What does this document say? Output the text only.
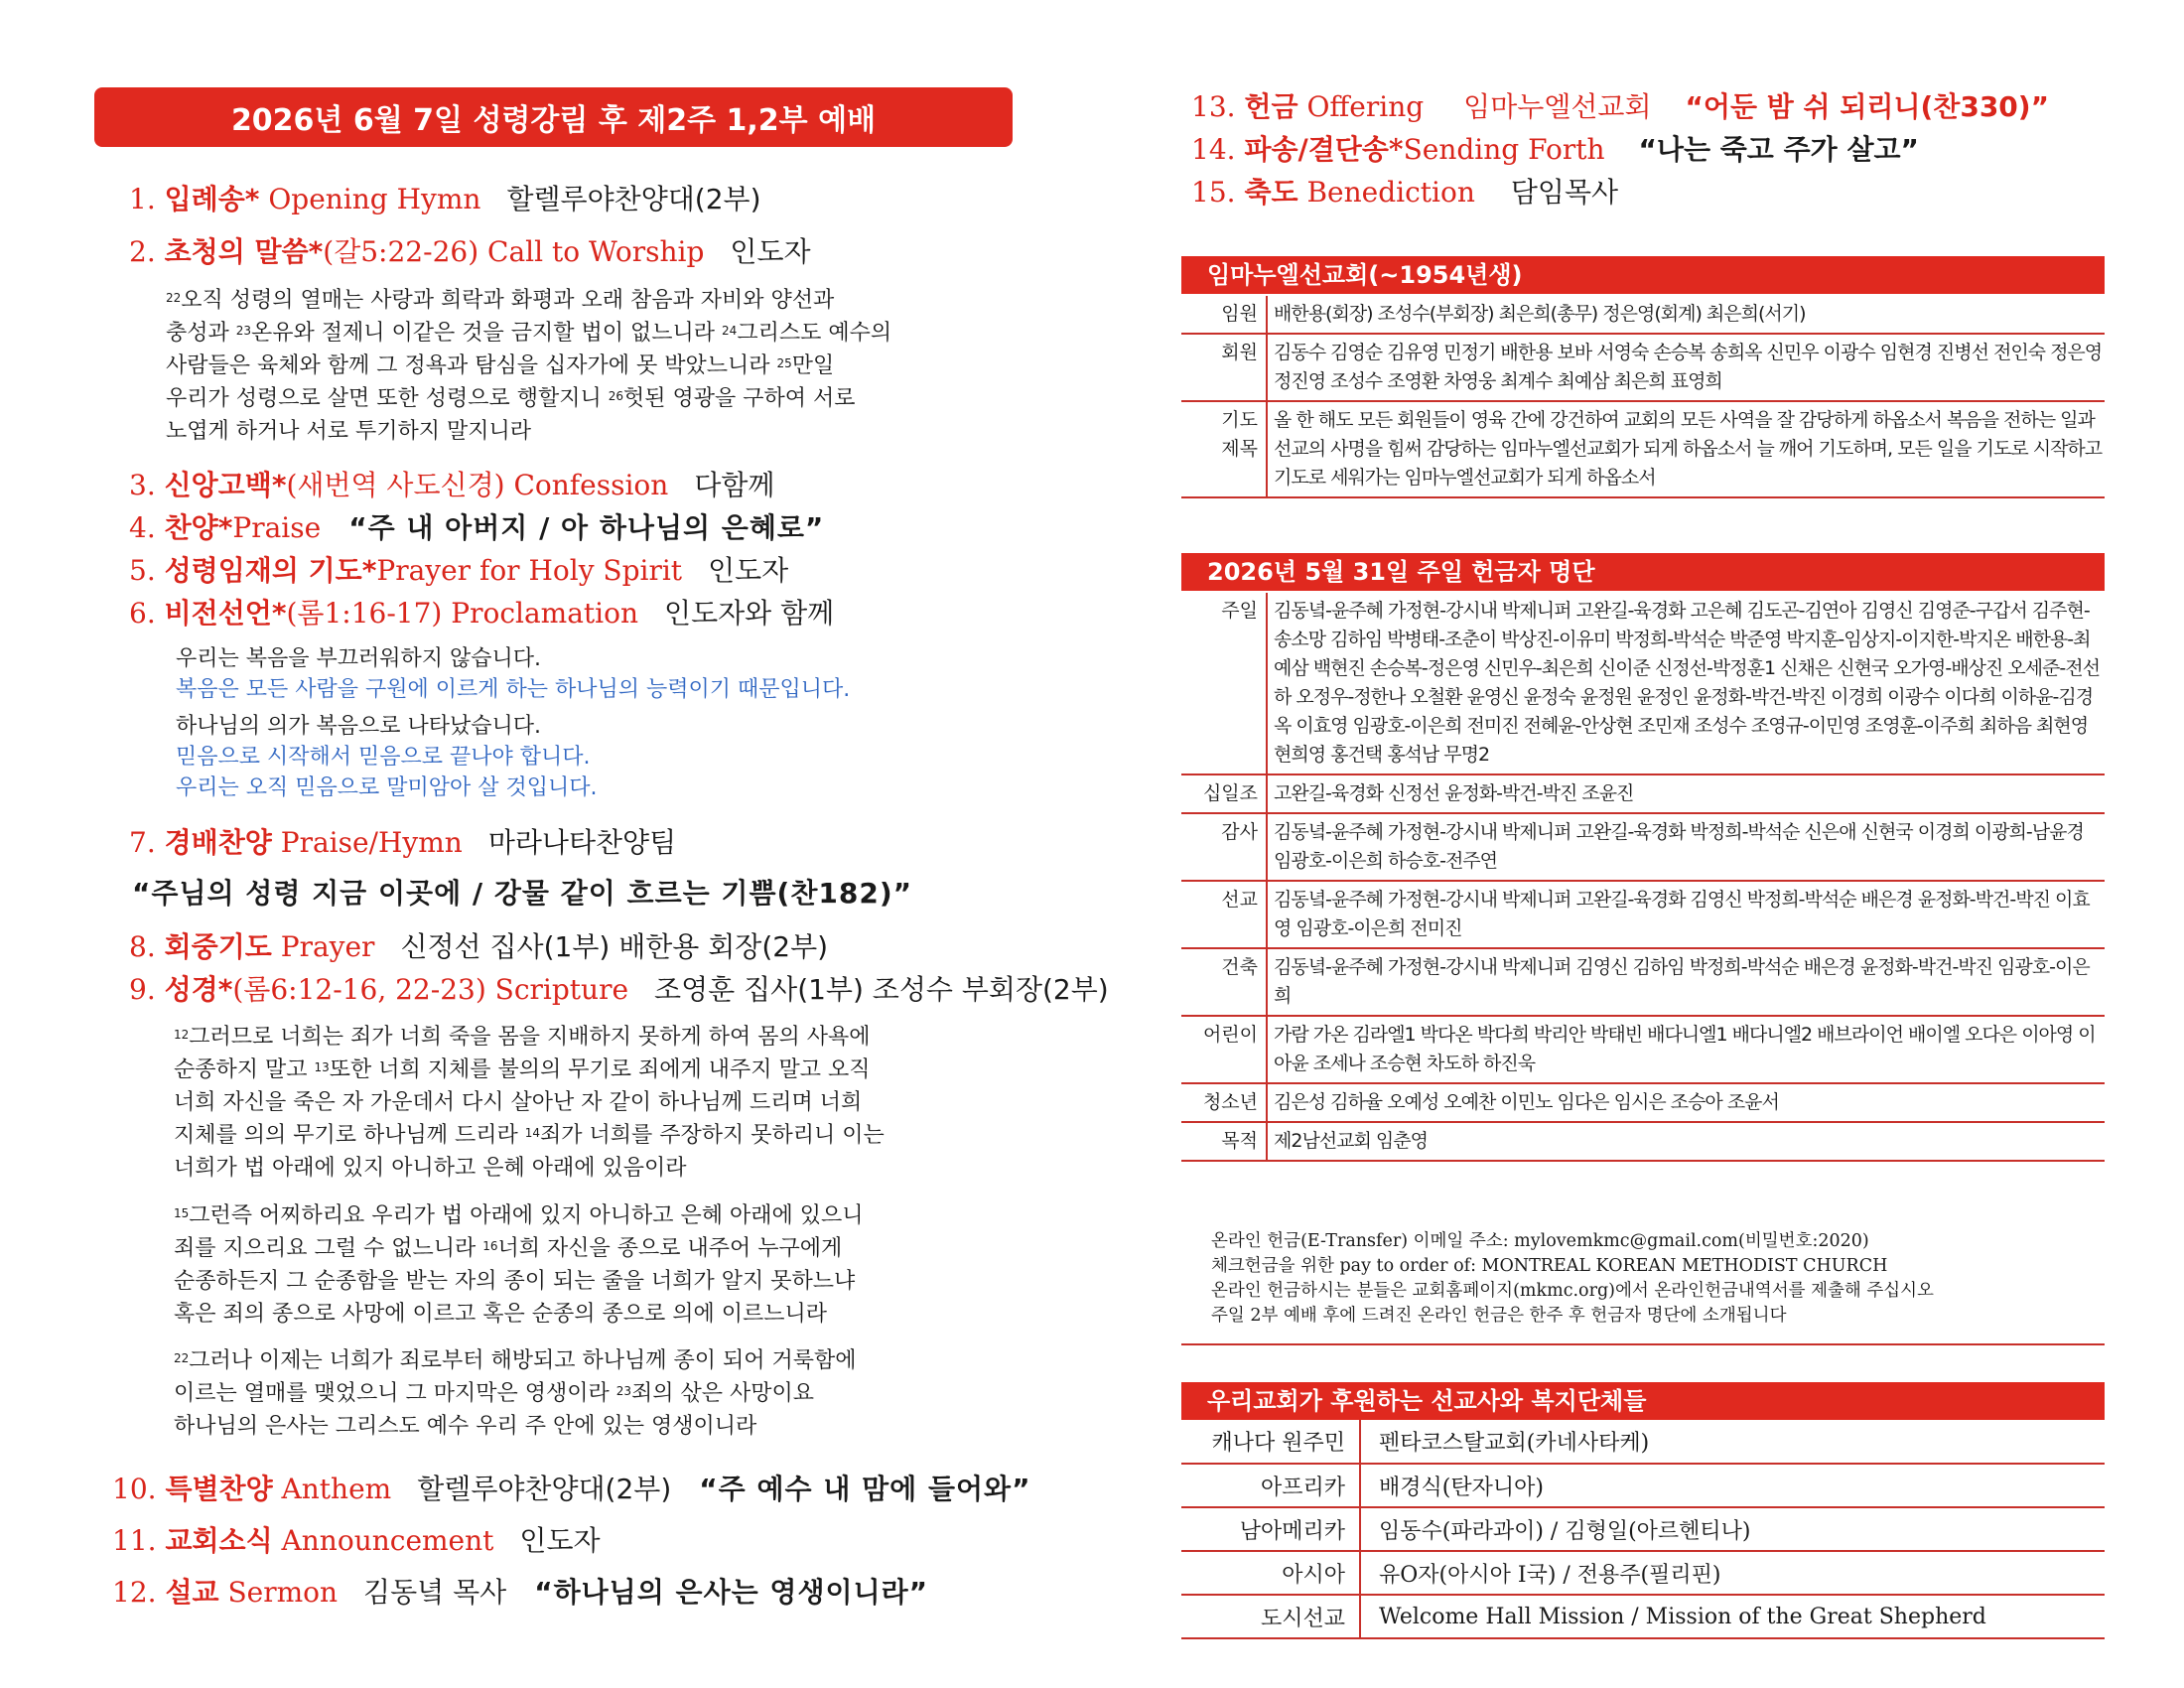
2026년 6월 7일 성령강림 후 제2주 1,2부 예배
1. 입례송* Opening Hymn 할렐루야찬양대(2부)
2. 초청의 말씀*(갈5:22-26) Call to Worship 인도자
$^{22}$오직 성령의 열매는 사랑과 희락과 화평과 오래 참음과 자비와 양선과
충성과 $^{23}$온유와 절제니 이같은 것을 금지할 법이 없느니라 $^{24}$그리스도 예수의
사람들은 육체와 함께 그 정욕과 탐심을 십자가에 못 박았느니라 $^{25}$만일
우리가 성령으로 살면 또한 성령으로 행할지니 $^{26}$헛된 영광을 구하여 서로
노엽게 하거나 서로 투기하지 말지니라
3. 신앙고백*(새번역 사도신경) Confession 다함께
4. 찬양*Praise “주 내 아버지 / 아 하나님의 은혜로”
5. 성령임재의 기도*Prayer for Holy Spirit 인도자
6. 비전선언*(롬1:16-17) Proclamation 인도자와 함께
우리는 복음을 부끄러워하지 않습니다.
복음은 모든 사람을 구원에 이르게 하는 하나님의 능력이기 때문입니다.
하나님의 의가 복음으로 나타났습니다.
믿음으로 시작해서 믿음으로 끝나야 합니다.
우리는 오직 믿음으로 말미암아 살 것입니다.
7. 경배찬양 Praise/Hymn 마라나타찬양팀
“주님의 성령 지금 이곳에 / 강물 같이 흐르는 기쁨(찬182)”
8. 회중기도 Prayer 신정선 집사(1부) 배한용 회장(2부)
9. 성경*(롬6:12-16, 22-23) Scripture 조영훈 집사(1부) 조성수 부회장(2부)
$^{12}$그러므로 너희는 죄가 너희 죽을 몸을 지배하지 못하게 하여 몸의 사욕에
순종하지 말고 $^{13}$또한 너희 지체를 불의의 무기로 죄에게 내주지 말고 오직
너희 자신을 죽은 자 가운데서 다시 살아난 자 같이 하나님께 드리며 너희
지체를 의의 무기로 하나님께 드리라 $^{14}$죄가 너희를 주장하지 못하리니 이는
너희가 법 아래에 있지 아니하고 은혜 아래에 있음이라
$^{15}$그런즉 어찌하리요 우리가 법 아래에 있지 아니하고 은혜 아래에 있으니
죄를 지으리요 그럴 수 없느니라 $^{16}$너희 자신을 종으로 내주어 누구에게
순종하든지 그 순종함을 받는 자의 종이 되는 줄을 너희가 알지 못하느냐
혹은 죄의 종으로 사망에 이르고 혹은 순종의 종으로 의에 이르느니라
$^{22}$그러나 이제는 너희가 죄로부터 해방되고 하나님께 종이 되어 거룩함에
이르는 열매를 맺었으니 그 마지막은 영생이라 $^{23}$죄의 삯은 사망이요
하나님의 은사는 그리스도 예수 우리 주 안에 있는 영생이니라
10. 특별찬양 Anthem 할렐루야찬양대(2부) “주 예수 내 맘에 들어와”
11. 교회소식 Announcement 인도자
12. 설교 Sermon 김동녘 목사 “하나님의 은사는 영생이니라”
13. 헌금 Offering 임마누엘선교회 “어둔 밤 쉬 되리니(찬330)”
14. 파송/결단송*Sending Forth “나는 죽고 주가 살고”
15. 축도 Benediction 담임목사
임마누엘선교회(~1954년생)
임원	배한용(회장) 조성수(부회장) 최은희(총무) 정은영(회계) 최은희(서기)
회원	김동수 김영순 김유영 민정기 배한용 보바 서영숙 손승복 송희옥 신민우 이광수 임현경 진병선 전인숙 정은영 정진영 조성수 조영환 차영웅 최계수 최예삼 최은희 표영희
기도
제목	올 한 해도 모든 회원들이 영육 간에 강건하여 교회의 모든 사역을 잘 감당하게 하옵소서 복음을 전하는 일과 선교의 사명을 힘써 감당하는 임마누엘선교회가 되게 하옵소서 늘 깨어 기도하며, 모든 일을 기도로 시작하고 기도로 세워가는 임마누엘선교회가 되게 하옵소서
2026년 5월 31일 주일 헌금자 명단
주일	김동녘-윤주혜 가정현-강시내 박제니퍼 고완길-육경화 고은혜 김도곤-김연아 김영신 김영준-구갑서 김주현-송소망 김하임 박병태-조춘이 박상진-이유미 박정희-박석순 박준영 박지훈-임상지-이지한-박지온 배한용-최예삼 백현진 손승복-정은영 신민우-최은희 신이준 신정선-박정훈1 신채은 신현국 오가영-배상진 오세준-전선하 오정우-정한나 오철환 윤영신 윤정숙 윤정원 윤정인 윤정화-박건-박진 이경희 이광수 이다희 이하윤-김경옥 이효영 임광호-이은희 전미진 전혜윤-안상현 조민재 조성수 조영규-이민영 조영훈-이주희 최하음 최현영 현희영 홍건택 홍석남 무명2
십일조	고완길-육경화 신정선 윤정화-박건-박진 조윤진
감사	김동녘-윤주혜 가정현-강시내 박제니퍼 고완길-육경화 박정희-박석순 신은애 신현국 이경희 이광희-남윤경 임광호-이은희 하승호-전주연
선교	김동녘-윤주혜 가정현-강시내 박제니퍼 고완길-육경화 김영신 박정희-박석순 배은경 윤정화-박건-박진 이효영 임광호-이은희 전미진
건축	김동녘-윤주혜 가정현-강시내 박제니퍼 김영신 김하임 박정희-박석순 배은경 윤정화-박건-박진 임광호-이은희
어린이	가람 가온 김라엘1 박다온 박다희 박리안 박태빈 배다니엘1 배다니엘2 배브라이언 배이엘 오다은 이아영 이아윤 조세나 조승현 차도하 하진욱
청소년	김은성 김하율 오예성 오예찬 이민노 임다은 임시은 조승아 조윤서
목적	제2남선교회 임춘영
온라인 헌금(E-Transfer) 이메일 주소: mylovemkmc@gmail.com(비밀번호:2020)
체크헌금을 위한 pay to order of: MONTREAL KOREAN METHODIST CHURCH
온라인 헌금하시는 분들은 교회홈페이지(mkmc.org)에서 온라인헌금내역서를 제출해 주십시오
주일 2부 예배 후에 드려진 온라인 헌금은 한주 후 헌금자 명단에 소개됩니다
우리교회가 후원하는 선교사와 복지단체들
캐나다 원주민	펜타코스탈교회(카네사타케)
아프리카	배경식(탄자니아)
남아메리카	임동수(파라과이) / 김형일(아르헨티나)
아시아	유O자(아시아 I국) / 전용주(필리핀)
도시선교	Welcome Hall Mission / Mission of the Great Shepherd
